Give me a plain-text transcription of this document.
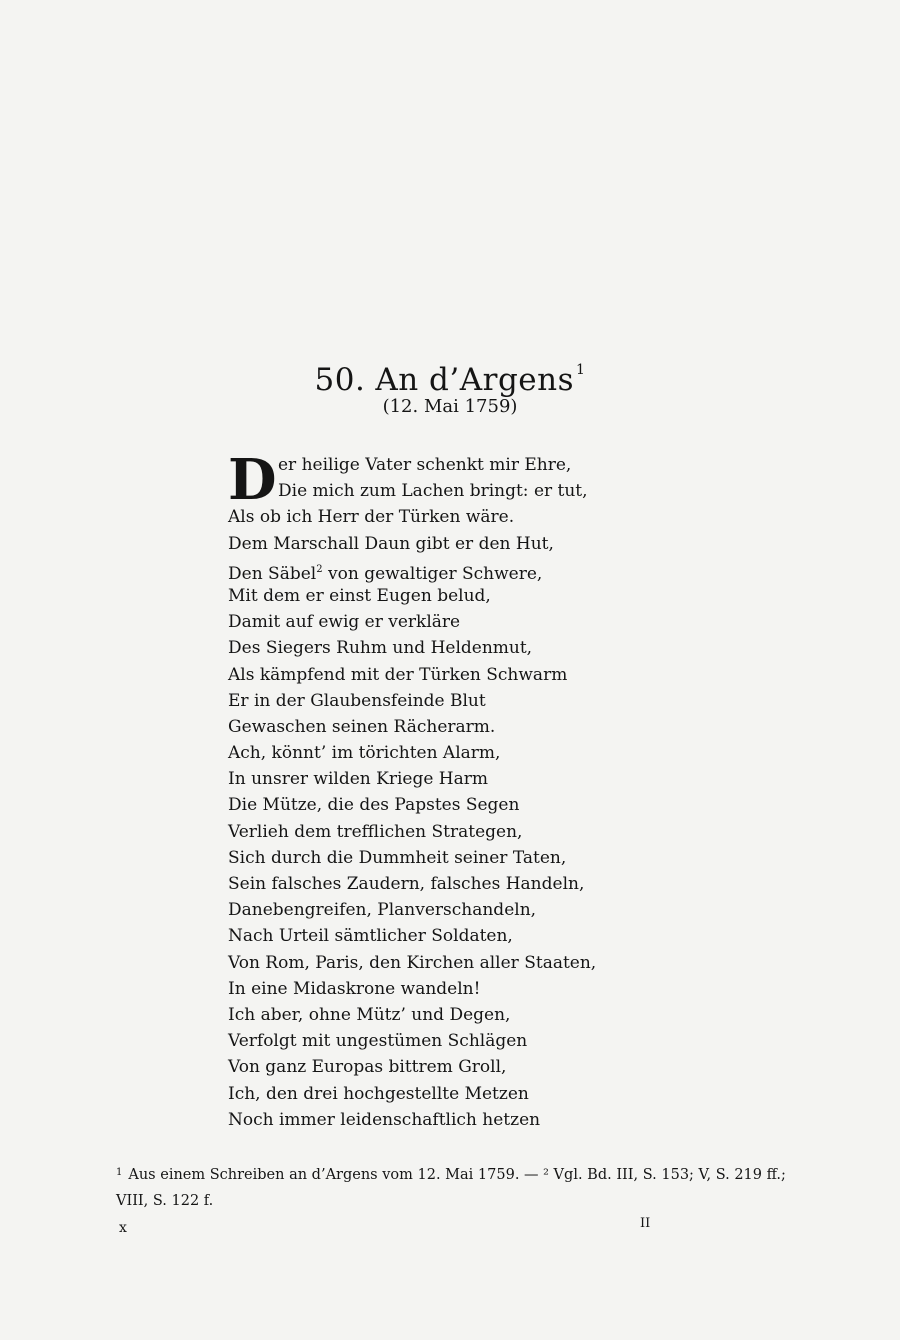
50. An d’Argens $^1$
(12. Mai 1759)
D er heilige Vater schenkt mir Ehre,
Die mich zum Lachen bringt: er tut,
Als ob ich Herr der Türken wäre.
Dem Marschall Daun gibt er den Hut,
Den Säbel$^2$ von gewaltiger Schwere,
Mit dem er einst Eugen belud,
Damit auf ewig er verkläre
Des Siegers Ruhm und Heldenmut,
Als kämpfend mit der Türken Schwarm
Er in der Glaubensfeinde Blut
Gewaschen seinen Rächerarm.
Ach, könnt’ im törichten Alarm,
In unsrer wilden Kriege Harm
Die Mütze, die des Papstes Segen
Verlieh dem trefflichen Strategen,
Sich durch die Dummheit seiner Taten,
Sein falsches Zaudern, falsches Handeln,
Danebengreifen, Planverschandeln,
Nach Urteil sämtlicher Soldaten,
Von Rom, Paris, den Kirchen aller Staaten,
In eine Midaskrone wandeln!
Ich aber, ohne Mütz’ und Degen,
Verfolgt mit ungestümen Schlägen
Von ganz Europas bittrem Groll,
Ich, den drei hochgestellte Metzen
Noch immer leidenschaftlich hetzen
$^1$ Aus einem Schreiben an d’Argens vom 12. Mai 1759. — ² Vgl. Bd. III, S. 153; V, S. 219 ff.; VIII, S. 122 f.
x	II
